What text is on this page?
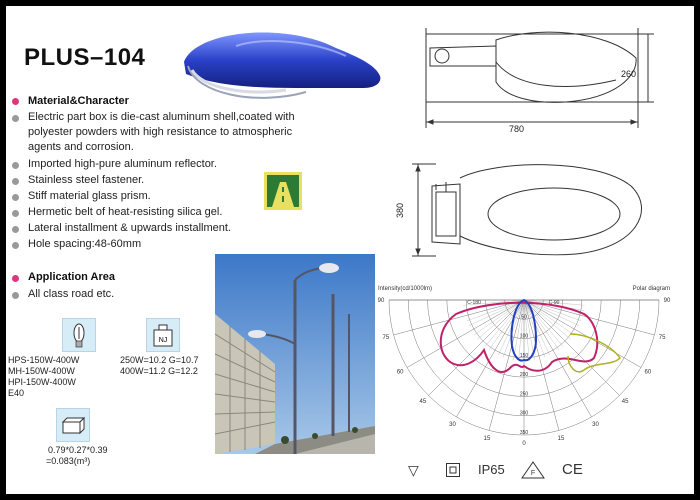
PLUS–104
Material&Character
Electric part box is die-cast aluminum shell,coated with
polyester powders with high resistance to atmospheric
agents and corrosion.
Imported high-pure aluminum reflector.
Stainless steel fastener.
Stiff material glass prism.
Hermetic belt of heat-resisting silica gel.
Lateral installment & upwards installment.
Hole spacing:48-60mm
Application Area
All class road etc.
NJ
HPS-150W-400W
MH-150W-400W
HPI-150W-400W
E40
250W=10.2 G=10.7
400W=11.2 G=12.2
0.79*0.27*0.39
=0.083(m³)
260
780
380
Intensity(cd/1000lm)	Polar diagram
50
100
150
200
250
300
350
90
75
60
45
30
15
0
90
75
60
45
30
15
C-180	C-90
▽	IP65	F CE
